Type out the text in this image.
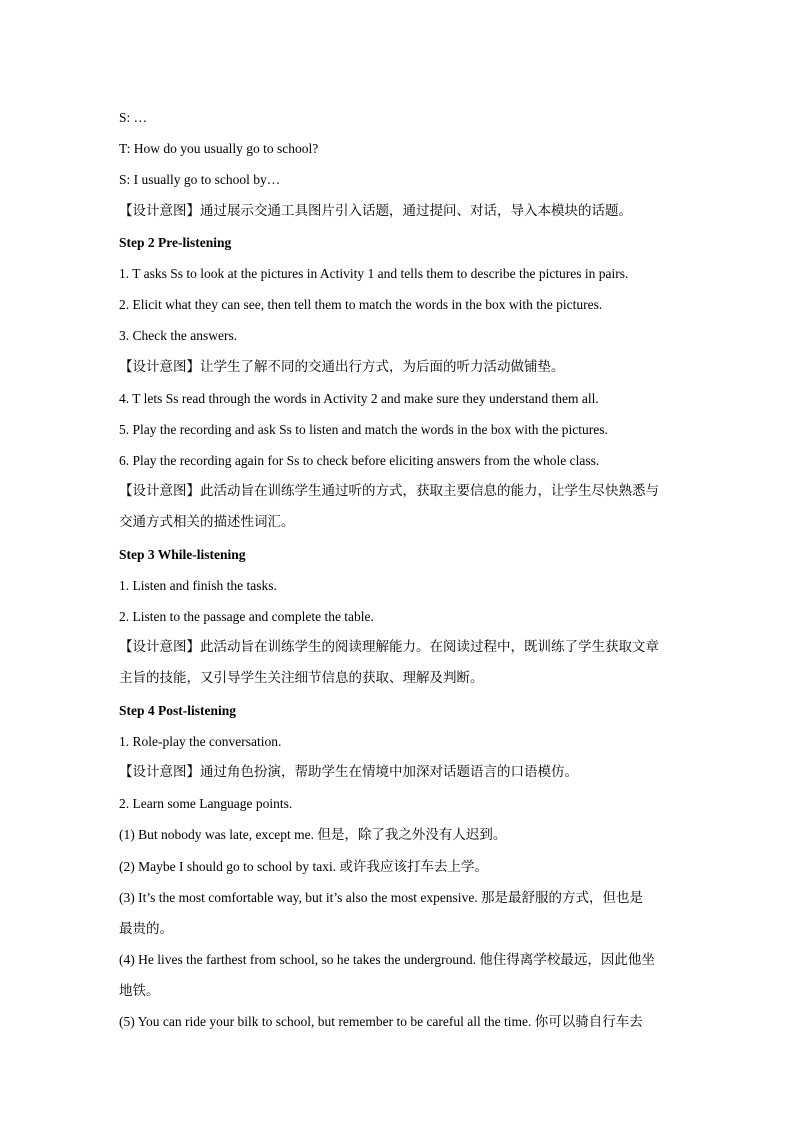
S: …
T: How do you usually go to school?
S: I usually go to school by…
【设计意图】通过展示交通工具图片引入话题，通过提问、对话，导入本模块的话题。
Step 2 Pre-listening
1. T asks Ss to look at the pictures in Activity 1 and tells them to describe the pictures in pairs.
2. Elicit what they can see, then tell them to match the words in the box with the pictures.
3. Check the answers.
【设计意图】让学生了解不同的交通出行方式，为后面的听力活动做铺垫。
4. T lets Ss read through the words in Activity 2 and make sure they understand them all.
5. Play the recording and ask Ss to listen and match the words in the box with the pictures.
6. Play the recording again for Ss to check before eliciting answers from the whole class.
【设计意图】此活动旨在训练学生通过听的方式，获取主要信息的能力，让学生尽快熟悉与
交通方式相关的描述性词汇。
Step 3 While-listening
1. Listen and finish the tasks.
2. Listen to the passage and complete the table.
【设计意图】此活动旨在训练学生的阅读理解能力。在阅读过程中，既训练了学生获取文章
主旨的技能，又引导学生关注细节信息的获取、理解及判断。
Step 4 Post-listening
1. Role-play the conversation.
【设计意图】通过角色扮演，帮助学生在情境中加深对话题语言的口语模仿。
2. Learn some Language points.
(1) But nobody was late, except me. 但是，除了我之外没有人迟到。
(2) Maybe I should go to school by taxi. 或许我应该打车去上学。
(3) It’s the most comfortable way, but it’s also the most expensive. 那是最舒服的方式，但也是
最贵的。
(4) He lives the farthest from school, so he takes the underground. 他住得离学校最远，因此他坐
地铁。
(5) You can ride your bilk to school, but remember to be careful all the time. 你可以骑自行车去
